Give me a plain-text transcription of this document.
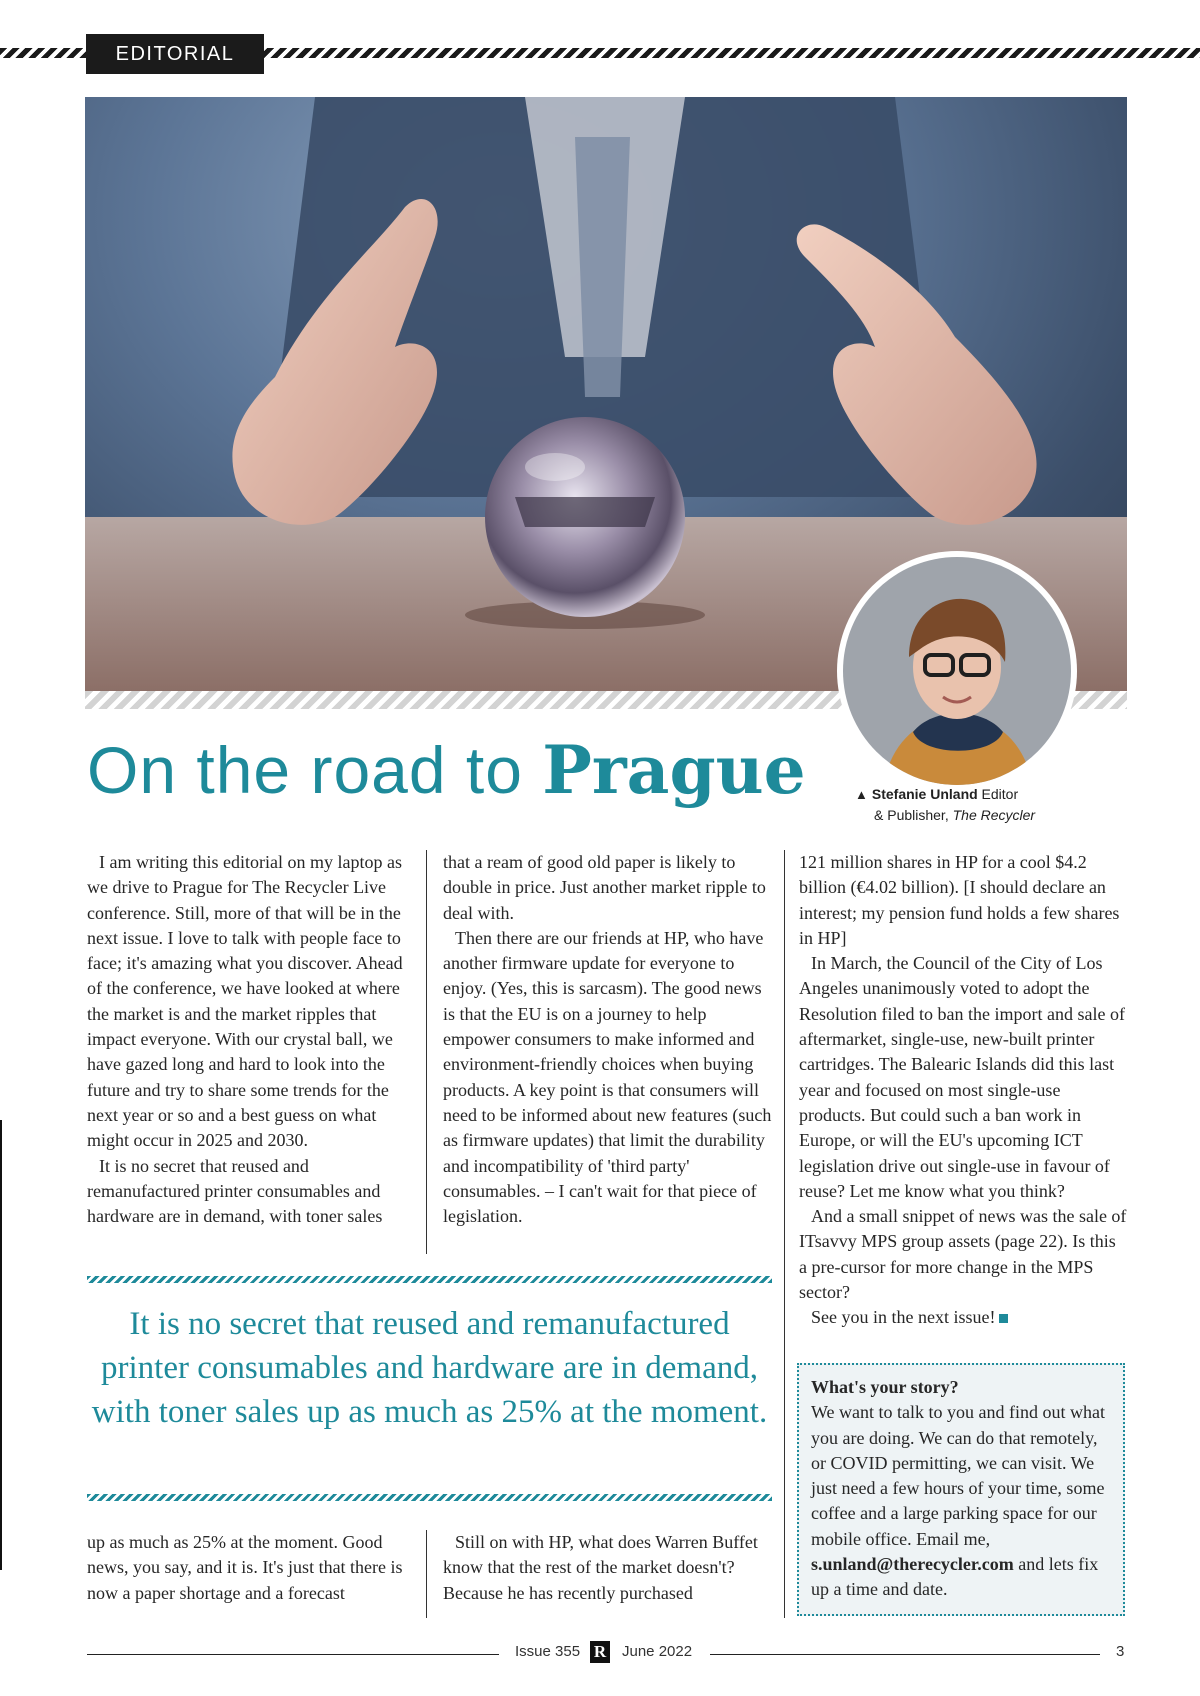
EDITORIAL
▲ Stefanie Unland Editor
& Publisher, The Recycler
On the road to Prague

I am writing this editorial on my laptop as we drive to Prague for The Recycler Live conference. Still, more of that will be in the next issue. I love to talk with people face to face; it's amazing what you discover. Ahead of the conference, we have looked at where the market is and the market ripples that impact everyone. With our crystal ball, we have gazed long and hard to look into the future and try to share some trends for the next year or so and a best guess on what might occur in 2025 and 2030.

It is no secret that reused and remanufactured printer consumables and hardware are in demand, with toner sales

that a ream of good old paper is likely to double in price. Just another market ripple to deal with.

Then there are our friends at HP, who have another firmware update for everyone to enjoy. (Yes, this is sarcasm). The good news is that the EU is on a journey to help empower consumers to make informed and environment-friendly choices when buying products. A key point is that consumers will need to be informed about new features (such as firmware updates) that limit the durability and incompatibility of 'third party' consumables. – I can't wait for that piece of legislation.

121 million shares in HP for a cool $4.2 billion (€4.02 billion). [I should declare an interest; my pension fund holds a few shares in HP]

In March, the Council of the City of Los Angeles unanimously voted to adopt the Resolution filed to ban the import and sale of aftermarket, single-use, new-built printer cartridges. The Balearic Islands did this last year and focused on most single-use products. But could such a ban work in Europe, or will the EU's upcoming ICT legislation drive out single-use in favour of reuse? Let me know what you think?

And a small snippet of news was the sale of ITsavvy MPS group assets (page 22). Is this a pre-cursor for more change in the MPS sector?

See you in the next issue!

It is no secret that reused and remanufactured printer consumables and hardware are in demand, with toner sales up as much as 25% at the moment.

up as much as 25% at the moment. Good news, you say, and it is. It's just that there is now a paper shortage and a forecast

Still on with HP, what does Warren Buffet know that the rest of the market doesn't? Because he has recently purchased

What's your story?
We want to talk to you and find out what you are doing. We can do that remotely, or COVID permitting, we can visit. We just need a few hours of your time, some coffee and a large parking space for our mobile office. Email me, s.unland@therecycler.com and lets fix up a time and date.
Issue 355 R June 2022	3
